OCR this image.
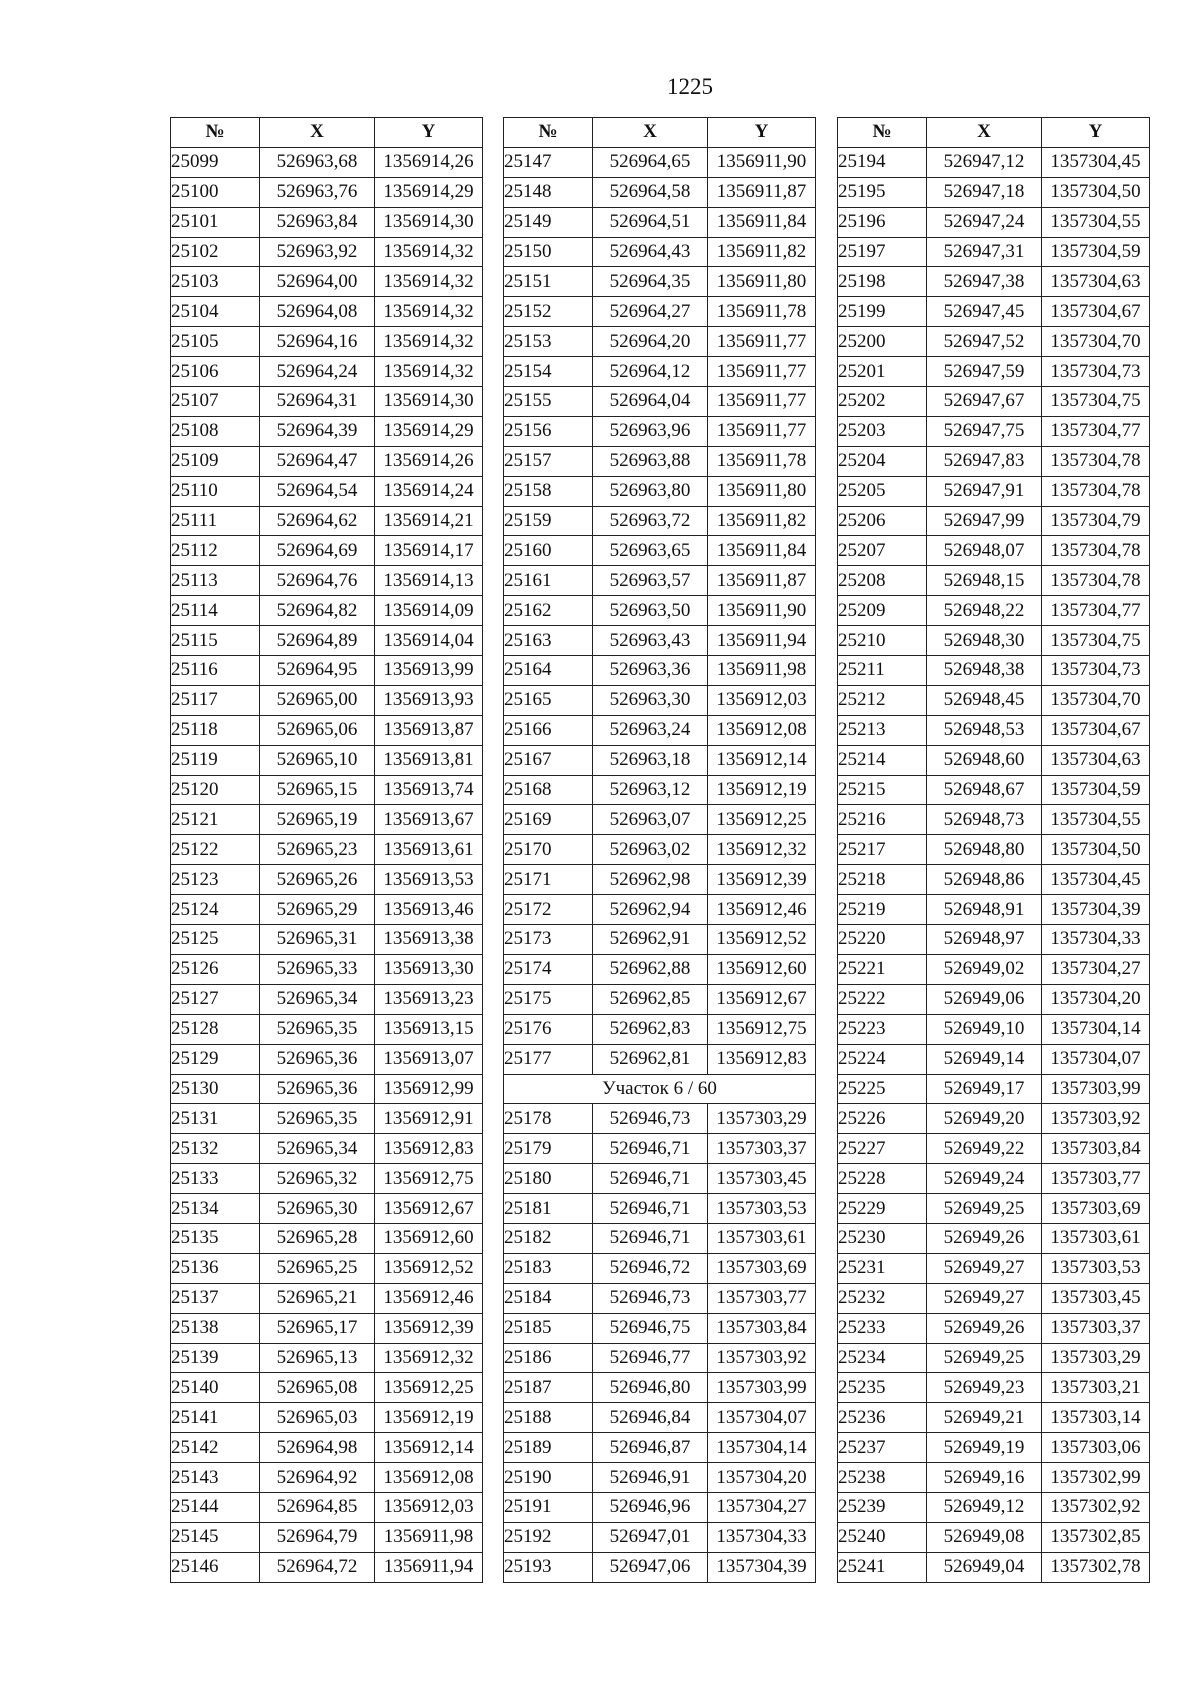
1225
№	X	Y
25099	526963,68	1356914,26
25100	526963,76	1356914,29
25101	526963,84	1356914,30
25102	526963,92	1356914,32
25103	526964,00	1356914,32
25104	526964,08	1356914,32
25105	526964,16	1356914,32
25106	526964,24	1356914,32
25107	526964,31	1356914,30
25108	526964,39	1356914,29
25109	526964,47	1356914,26
25110	526964,54	1356914,24
25111	526964,62	1356914,21
25112	526964,69	1356914,17
25113	526964,76	1356914,13
25114	526964,82	1356914,09
25115	526964,89	1356914,04
25116	526964,95	1356913,99
25117	526965,00	1356913,93
25118	526965,06	1356913,87
25119	526965,10	1356913,81
25120	526965,15	1356913,74
25121	526965,19	1356913,67
25122	526965,23	1356913,61
25123	526965,26	1356913,53
25124	526965,29	1356913,46
25125	526965,31	1356913,38
25126	526965,33	1356913,30
25127	526965,34	1356913,23
25128	526965,35	1356913,15
25129	526965,36	1356913,07
25130	526965,36	1356912,99
25131	526965,35	1356912,91
25132	526965,34	1356912,83
25133	526965,32	1356912,75
25134	526965,30	1356912,67
25135	526965,28	1356912,60
25136	526965,25	1356912,52
25137	526965,21	1356912,46
25138	526965,17	1356912,39
25139	526965,13	1356912,32
25140	526965,08	1356912,25
25141	526965,03	1356912,19
25142	526964,98	1356912,14
25143	526964,92	1356912,08
25144	526964,85	1356912,03
25145	526964,79	1356911,98
25146	526964,72	1356911,94
№	X	Y
25147	526964,65	1356911,90
25148	526964,58	1356911,87
25149	526964,51	1356911,84
25150	526964,43	1356911,82
25151	526964,35	1356911,80
25152	526964,27	1356911,78
25153	526964,20	1356911,77
25154	526964,12	1356911,77
25155	526964,04	1356911,77
25156	526963,96	1356911,77
25157	526963,88	1356911,78
25158	526963,80	1356911,80
25159	526963,72	1356911,82
25160	526963,65	1356911,84
25161	526963,57	1356911,87
25162	526963,50	1356911,90
25163	526963,43	1356911,94
25164	526963,36	1356911,98
25165	526963,30	1356912,03
25166	526963,24	1356912,08
25167	526963,18	1356912,14
25168	526963,12	1356912,19
25169	526963,07	1356912,25
25170	526963,02	1356912,32
25171	526962,98	1356912,39
25172	526962,94	1356912,46
25173	526962,91	1356912,52
25174	526962,88	1356912,60
25175	526962,85	1356912,67
25176	526962,83	1356912,75
25177	526962,81	1356912,83
Участок 6 / 60		
25178	526946,73	1357303,29
25179	526946,71	1357303,37
25180	526946,71	1357303,45
25181	526946,71	1357303,53
25182	526946,71	1357303,61
25183	526946,72	1357303,69
25184	526946,73	1357303,77
25185	526946,75	1357303,84
25186	526946,77	1357303,92
25187	526946,80	1357303,99
25188	526946,84	1357304,07
25189	526946,87	1357304,14
25190	526946,91	1357304,20
25191	526946,96	1357304,27
25192	526947,01	1357304,33
25193	526947,06	1357304,39
№	X	Y
25194	526947,12	1357304,45
25195	526947,18	1357304,50
25196	526947,24	1357304,55
25197	526947,31	1357304,59
25198	526947,38	1357304,63
25199	526947,45	1357304,67
25200	526947,52	1357304,70
25201	526947,59	1357304,73
25202	526947,67	1357304,75
25203	526947,75	1357304,77
25204	526947,83	1357304,78
25205	526947,91	1357304,78
25206	526947,99	1357304,79
25207	526948,07	1357304,78
25208	526948,15	1357304,78
25209	526948,22	1357304,77
25210	526948,30	1357304,75
25211	526948,38	1357304,73
25212	526948,45	1357304,70
25213	526948,53	1357304,67
25214	526948,60	1357304,63
25215	526948,67	1357304,59
25216	526948,73	1357304,55
25217	526948,80	1357304,50
25218	526948,86	1357304,45
25219	526948,91	1357304,39
25220	526948,97	1357304,33
25221	526949,02	1357304,27
25222	526949,06	1357304,20
25223	526949,10	1357304,14
25224	526949,14	1357304,07
25225	526949,17	1357303,99
25226	526949,20	1357303,92
25227	526949,22	1357303,84
25228	526949,24	1357303,77
25229	526949,25	1357303,69
25230	526949,26	1357303,61
25231	526949,27	1357303,53
25232	526949,27	1357303,45
25233	526949,26	1357303,37
25234	526949,25	1357303,29
25235	526949,23	1357303,21
25236	526949,21	1357303,14
25237	526949,19	1357303,06
25238	526949,16	1357302,99
25239	526949,12	1357302,92
25240	526949,08	1357302,85
25241	526949,04	1357302,78
